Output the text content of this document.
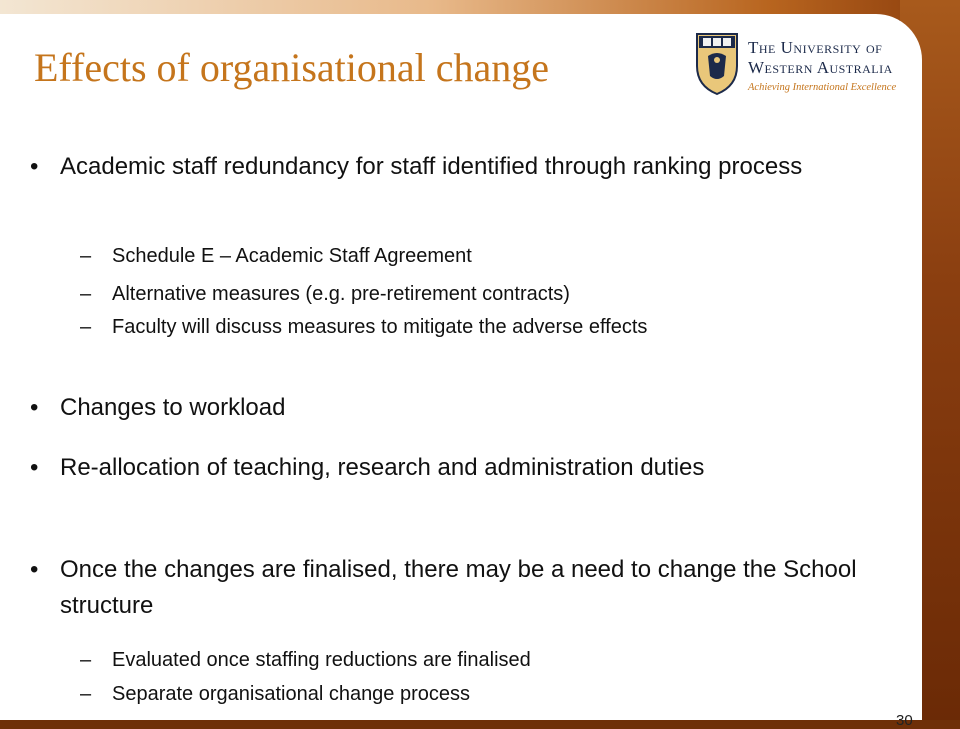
Effects of organisational change	The University of
Western Australia
Achieving International Excellence
• Academic staff redundancy for staff identified through ranking process
– Schedule E – Academic Staff Agreement
– Alternative measures (e.g. pre-retirement contracts)
– Faculty will discuss measures to mitigate the adverse effects
• Changes to workload
• Re-allocation of teaching, research and administration duties
• Once the changes are finalised, there may be a need to change the School structure
– Evaluated once staffing reductions are finalised
– Separate organisational change process
30
